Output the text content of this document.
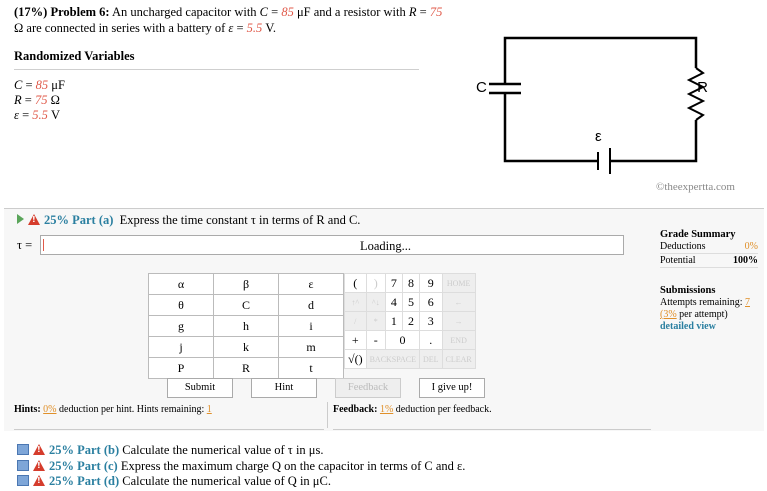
(17%) Problem 6: An uncharged capacitor with C = 85 μF and a resistor with R = 75 Ω are connected in series with a battery of ε = 5.5 V.
Randomized Variables
C = 85 μF
R = 75 Ω
ε = 5.5 V
C	R
ε
©theexpertta.com
!25% Part (a) Express the time constant τ in terms of R and C.
τ =	Loading...
Grade Summary
Deductions	0%
Potential	100%
Submissions
Attempts remaining: 7
(3% per attempt)
detailed view
α	β	ε
θ	C	d
g	h	i
j	k	m
P	R	t
(	)	7	8	9	HOME
↑^	^↓	4	5	6	←
/	*	1	2	3	→
+	-	0		.	END
√()	BACKSPACE			DEL	CLEAR
Submit	Hint	Feedback	I give up!
Hints: 0% deduction per hint. Hints remaining: 1	Feedback: 1% deduction per feedback.
!25% Part (b) Calculate the numerical value of τ in μs.
!25% Part (c) Express the maximum charge Q on the capacitor in terms of C and ε.
!25% Part (d) Calculate the numerical value of Q in μC.
